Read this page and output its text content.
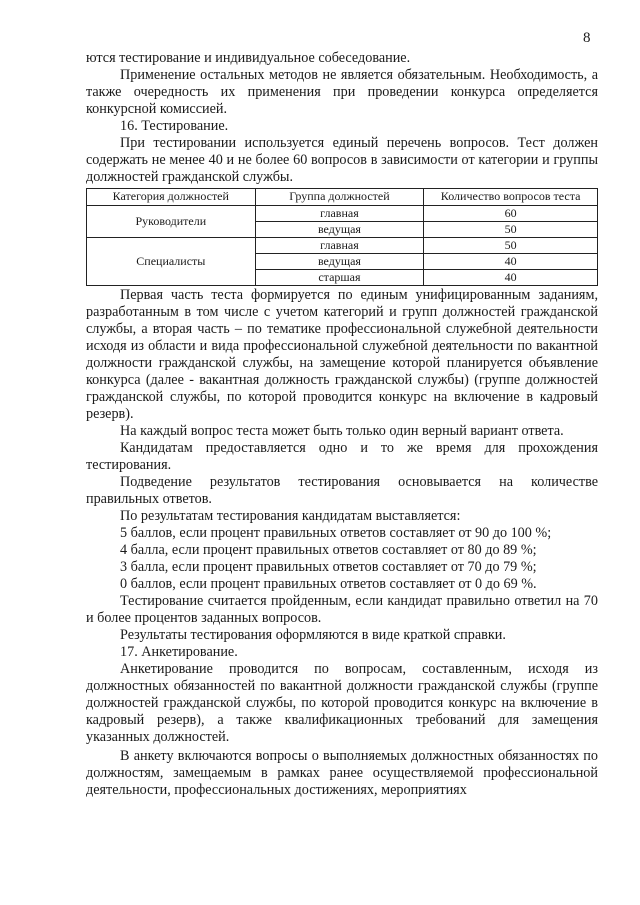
8

ются тестирование и индивидуальное собеседование.

Применение остальных методов не является обязательным. Необходимость, а также очередность их применения при проведении конкурса определяется конкурсной комиссией.

16. Тестирование.

При тестировании используется единый перечень вопросов. Тест должен содержать не менее 40 и не более 60 вопросов в зависимости от категории и группы должностей гражданской службы.

Категория должностей	Группа должностей	Количество вопросов теста
Руководители	главная	60
	ведущая	50
Специалисты	главная	50
	ведущая	40
	старшая	40

Первая часть теста формируется по единым унифицированным заданиям, разработанным в том числе с учетом категорий и групп должностей гражданской службы, а вторая часть – по тематике профессиональной служебной деятельности исходя из области и вида профессиональной служебной деятельности по вакантной должности гражданской службы, на замещение которой планируется объявление конкурса (далее - вакантная должность гражданской службы) (группе должностей гражданской службы, по которой проводится конкурс на включение в кадровый резерв).

На каждый вопрос теста может быть только один верный вариант ответа.

Кандидатам предоставляется одно и то же время для прохождения тестирования.

Подведение результатов тестирования основывается на количестве правильных ответов.

По результатам тестирования кандидатам выставляется:

5 баллов, если процент правильных ответов составляет от 90 до 100 %;

4 балла, если процент правильных ответов составляет от 80 до 89 %;

3 балла, если процент правильных ответов составляет от 70 до 79 %;

0 баллов, если процент правильных ответов составляет от 0 до 69 %.

Тестирование считается пройденным, если кандидат правильно ответил на 70 и более процентов заданных вопросов.

Результаты тестирования оформляются в виде краткой справки.

17. Анкетирование.

Анкетирование проводится по вопросам, составленным, исходя из должностных обязанностей по вакантной должности гражданской службы (группе должностей гражданской службы, по которой проводится конкурс на включение в кадровый резерв), а также квалификационных требований для замещения указанных должностей.

В анкету включаются вопросы о выполняемых должностных обязанностях по должностям, замещаемым в рамках ранее осуществляемой профессиональной деятельности, профессиональных достижениях, мероприятиях
